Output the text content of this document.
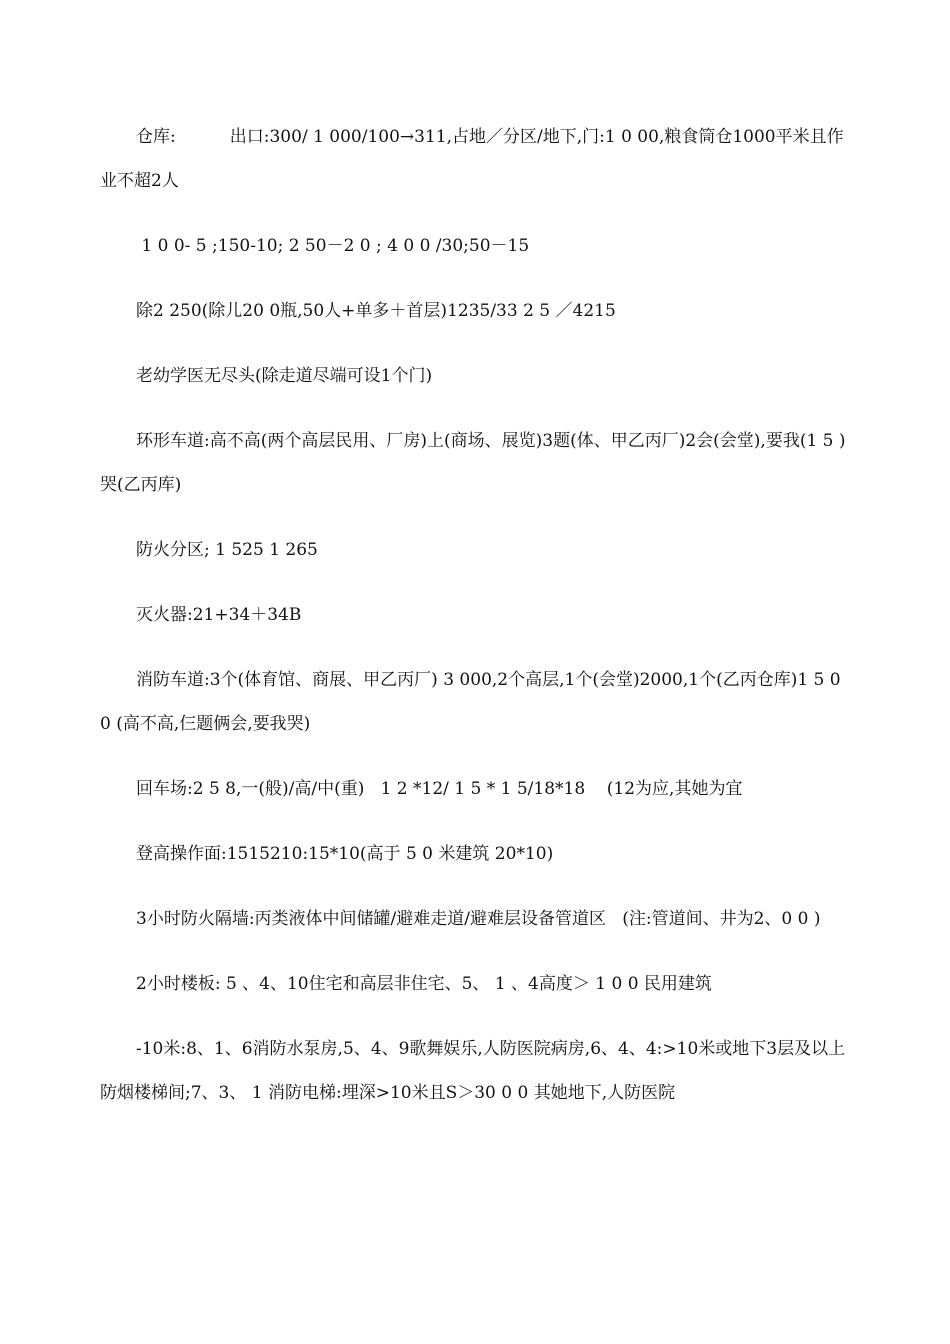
仓库:          出口:300/ 1 000/100→311,占地／分区/地下,门:1 0 00,粮食筒仓1000平米且作业不超2人

1 0 0- 5 ;150-10; 2 50－2 0 ; 4 0 0 /30;50－15

除2 250(除儿20 0瓶,50人+单多＋首层)1235/33 2 5 ／4215

老幼学医无尽头(除走道尽端可设1个门)

环形车道:高不高(两个高层民用、厂房)上(商场、展览)3题(体、甲乙丙厂)2会(会堂),要我(1 5 )哭(乙丙库)

防火分区; 1 525 1 265

灭火器:21+34＋34B

消防车道:3个(体育馆、商展、甲乙丙厂) 3 000,2个高层,1个(会堂)2000,1个(乙丙仓库)1 5 0 0 (高不高,仨题俩会,要我哭)

回车场:2 5 8,一(般)/高/中(重)   1 2 *12/ 1 5 * 1 5/18*18    (12为应,其她为宜

登高操作面:1515210:15*10(高于 5 0 米建筑 20*10)

3小时防火隔墙:丙类液体中间储罐/避难走道/避难层设备管道区   (注:管道间、井为2、0 0 )

2小时楼板: 5 、4、10住宅和高层非住宅、5、 1 、4高度＞ 1 0 0 民用建筑

-10米:8、1、6消防水泵房,5、4、9歌舞娱乐,人防医院病房,6、4、4:>10米或地下3层及以上防烟楼梯间;7、3、 1 消防电梯:埋深>10米且S＞30 0 0 其她地下,人防医院
